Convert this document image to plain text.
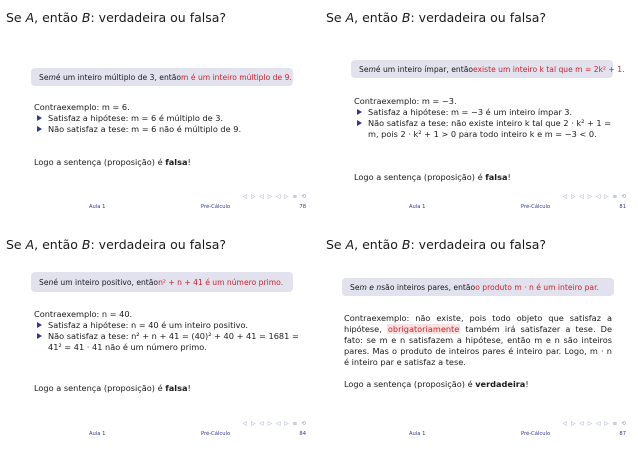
Se A, então B: verdadeira ou falsa?
Se m é um inteiro múltiplo de 3, então m é um inteiro múltiplo de 9.

Contraexemplo: m = 6.

Satisfaz a hipótese: m = 6 é múltiplo de 3.

Não satisfaz a tese: m = 6 não é múltiplo de 9.

Logo a sentença (proposição) é falsa!
◁ ▷ ◁ ▷ ◁ ▷ ≡ ⟲
Aula 1	Pré-Cálculo	78
Se A, então B: verdadeira ou falsa?
Se m é um inteiro ímpar, então existe um inteiro k tal que m = 2k² + 1.

Contraexemplo: m = −3.

Satisfaz a hipótese: m = −3 é um inteiro ímpar 3.

Não satisfaz a tese: não existe inteiro k tal que 2 · k² + 1 = m, pois 2 · k² + 1 > 0 para todo inteiro k e m = −3 < 0.

Logo a sentença (proposição) é falsa!
◁ ▷ ◁ ▷ ◁ ▷ ≡ ⟲
Aula 1	Pré-Cálculo	81
Se A, então B: verdadeira ou falsa?
Se n é um inteiro positivo, então n² + n + 41 é um número primo.

Contraexemplo: n = 40.

Satisfaz a hipótese: n = 40 é um inteiro positivo.

Não satisfaz a tese: n² + n + 41 = (40)² + 40 + 41 = 1681 = 41² = 41 · 41 não é um número primo.

Logo a sentença (proposição) é falsa!
◁ ▷ ◁ ▷ ◁ ▷ ≡ ⟲
Aula 1	Pré-Cálculo	84
Se A, então B: verdadeira ou falsa?
Se m e n são inteiros pares, então o produto m · n é um inteiro par.

Contraexemplo: não existe, pois todo objeto que satisfaz a hipótese, obrigatoriamente também irá satisfazer a tese. De fato: se m e n satisfazem a hipótese, então m e n são inteiros pares. Mas o produto de inteiros pares é inteiro par. Logo, m · n é inteiro par e satisfaz a tese.

Logo a sentença (proposição) é verdadeira!
◁ ▷ ◁ ▷ ◁ ▷ ≡ ⟲
Aula 1	Pré-Cálculo	87
